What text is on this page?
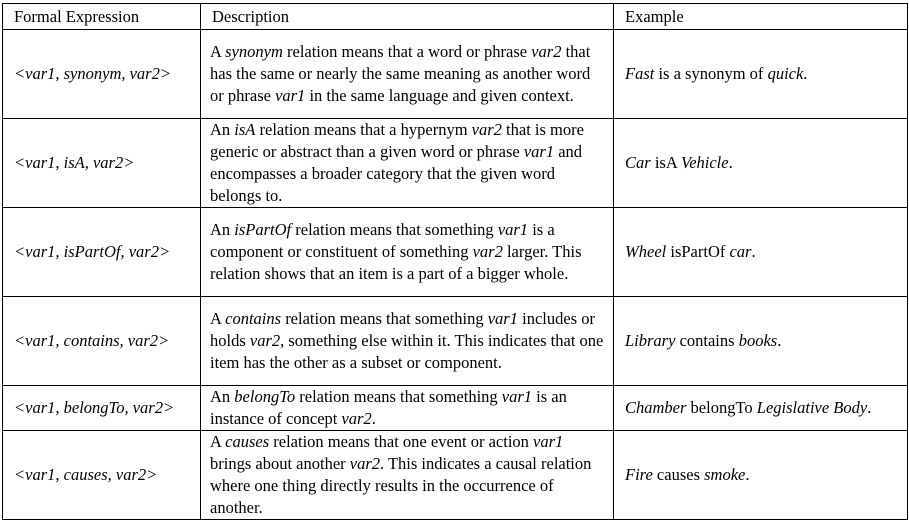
Formal Expression	Description	Example
<var1, synonym, var2>	A synonym relation means that a word or phrase var2 that has the same or nearly the same meaning as another word or phrase var1 in the same language and given context.	Fast is a synonym of quick.
<var1, isA, var2>	An isA relation means that a hypernym var2 that is more generic or abstract than a given word or phrase var1 and encompasses a broader category that the given word belongs to.	Car isA Vehicle.
<var1, isPartOf, var2>	An isPartOf relation means that something var1 is a component or constituent of something var2 larger. This relation shows that an item is a part of a bigger whole.	Wheel isPartOf car.
<var1, contains, var2>	A contains relation means that something var1 includes or holds var2, something else within it. This indicates that one item has the other as a subset or component.	Library contains books.
<var1, belongTo, var2>	An belongTo relation means that something var1 is an instance of concept var2.	Chamber belongTo Legislative Body.
<var1, causes, var2>	A causes relation means that one event or action var1 brings about another var2. This indicates a causal relation where one thing directly results in the occurrence of another.	Fire causes smoke.
